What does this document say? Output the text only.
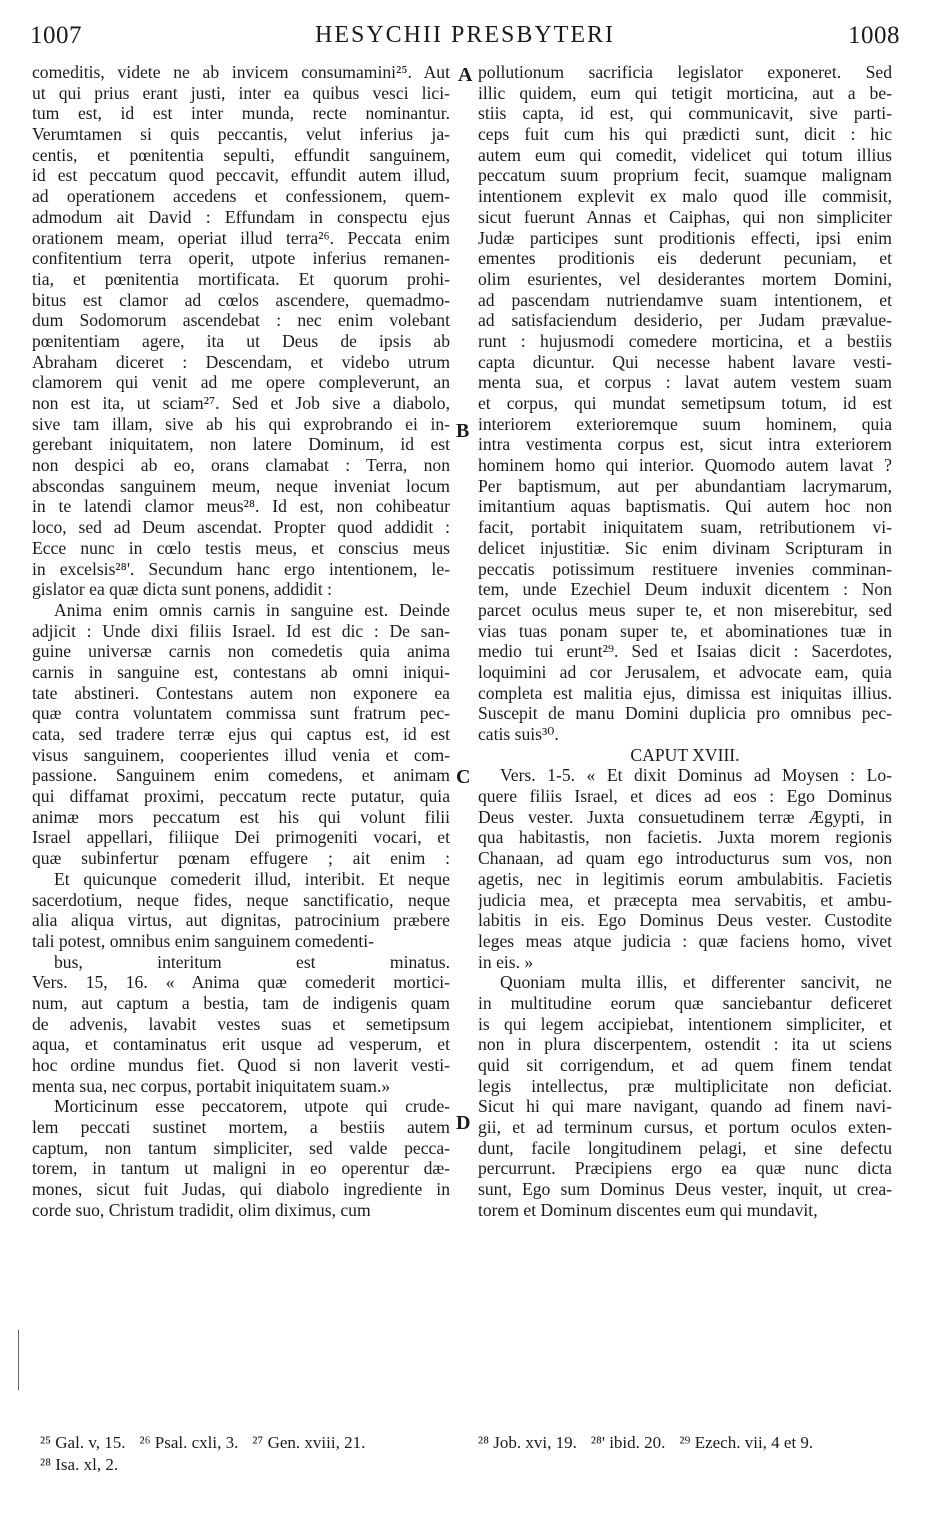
1007	HESYCHII PRESBYTERI	1008
comeditis, videte ne ab invicem consumamini²⁵. Aut
ut qui prius erant justi, inter ea quibus vesci lici-
tum est, id est inter munda, recte nominantur.
Verumtamen si quis peccantis, velut inferius ja-
centis, et pœnitentia sepulti, effundit sanguinem,
id est peccatum quod peccavit, effundit autem illud,
ad operationem accedens et confessionem, quem-
admodum ait David : Effundam in conspectu ejus
orationem meam, operiat illud terra²⁶. Peccata enim
confitentium terra operit, utpote inferius remanen-
tia, et pœnitentia mortificata. Et quorum prohi-
bitus est clamor ad cœlos ascendere, quemadmo-
dum Sodomorum ascendebat : nec enim volebant
pœnitentiam agere, ita ut Deus de ipsis ab
Abraham diceret : Descendam, et videbo utrum
clamorem qui venit ad me opere compleverunt, an
non est ita, ut sciam²⁷. Sed et Job sive a diabolo,
sive tam illam, sive ab his qui exprobrando ei in-
gerebant iniquitatem, non latere Dominum, id est
non despici ab eo, orans clamabat : Terra, non
abscondas sanguinem meum, neque inveniat locum
in te latendi clamor meus²⁸. Id est, non cohibeatur
loco, sed ad Deum ascendat. Propter quod addidit :
Ecce nunc in cœlo testis meus, et conscius meus
in excelsis²⁸'. Secundum hanc ergo intentionem, le-
gislator ea quæ dicta sunt ponens, addidit :
Anima enim omnis carnis in sanguine est. Deinde
adjicit : Unde dixi filiis Israel. Id est dic : De san-
guine universæ carnis non comedetis quia anima
carnis in sanguine est, contestans ab omni iniqui-
tate abstineri. Contestans autem non exponere ea
quæ contra voluntatem commissa sunt fratrum pec-
cata, sed tradere terræ ejus qui captus est, id est
visus sanguinem, cooperientes illud venia et com-
passione. Sanguinem enim comedens, et animam
qui diffamat proximi, peccatum recte putatur, quia
animæ mors peccatum est his qui volunt filii
Israel appellari, filiique Dei primogeniti vocari, et
quæ subinfertur pœnam effugere ; ait enim :
Et quicunque comederit illud, interibit. Et neque
sacerdotium, neque fides, neque sanctificatio, neque
alia aliqua virtus, aut dignitas, patrocinium præbere
tali potest, omnibus enim sanguinem comedenti-
bus, interitum est minatus.
Vers. 15, 16. « Anima quæ comederit mortici-
num, aut captum a bestia, tam de indigenis quam
de advenis, lavabit vestes suas et semetipsum
aqua, et contaminatus erit usque ad vesperum, et
hoc ordine mundus fiet. Quod si non laverit vesti-
menta sua, nec corpus, portabit iniquitatem suam.»
Morticinum esse peccatorem, utpote qui crude-
lem peccati sustinet mortem, a bestiis autem
captum, non tantum simpliciter, sed valde pecca-
torem, in tantum ut maligni in eo operentur dæ-
mones, sicut fuit Judas, qui diabolo ingrediente in
corde suo, Christum tradidit, olim diximus, cum
pollutionum sacrificia legislator exponeret. Sed
illic quidem, eum qui tetigit morticina, aut a be-
stiis capta, id est, qui communicavit, sive parti-
ceps fuit cum his qui prædicti sunt, dicit : hic
autem eum qui comedit, videlicet qui totum illius
peccatum suum proprium fecit, suamque malignam
intentionem explevit ex malo quod ille commisit,
sicut fuerunt Annas et Caiphas, qui non simpliciter
Judæ participes sunt proditionis effecti, ipsi enim
ementes proditionis eis dederunt pecuniam, et
olim esurientes, vel desiderantes mortem Domini,
ad pascendam nutriendamve suam intentionem, et
ad satisfaciendum desiderio, per Judam prævalue-
runt : hujusmodi comedere morticina, et a bestiis
capta dicuntur. Qui necesse habent lavare vesti-
menta sua, et corpus : lavat autem vestem suam
et corpus, qui mundat semetipsum totum, id est
interiorem exterioremque suum hominem, quia
intra vestimenta corpus est, sicut intra exteriorem
hominem homo qui interior. Quomodo autem lavat ?
Per baptismum, aut per abundantiam lacrymarum,
imitantium aquas baptismatis. Qui autem hoc non
facit, portabit iniquitatem suam, retributionem vi-
delicet injustitiæ. Sic enim divinam Scripturam in
peccatis potissimum restituere invenies comminan-
tem, unde Ezechiel Deum induxit dicentem : Non
parcet oculus meus super te, et non miserebitur, sed
vias tuas ponam super te, et abominationes tuæ in
medio tui erunt²⁹. Sed et Isaias dicit : Sacerdotes,
loquimini ad cor Jerusalem, et advocate eam, quia
completa est malitia ejus, dimissa est iniquitas illius.
Suscepit de manu Domini duplicia pro omnibus pec-
catis suis³⁰.
CAPUT XVIII.
Vers. 1-5. « Et dixit Dominus ad Moysen : Lo-
quere filiis Israel, et dices ad eos : Ego Dominus
Deus vester. Juxta consuetudinem terræ Ægypti, in
qua habitastis, non facietis. Juxta morem regionis
Chanaan, ad quam ego introducturus sum vos, non
agetis, nec in legitimis eorum ambulabitis. Facietis
judicia mea, et præcepta mea servabitis, et ambu-
labitis in eis. Ego Dominus Deus vester. Custodite
leges meas atque judicia : quæ faciens homo, vivet
in eis. »
Quoniam multa illis, et differenter sancivit, ne
in multitudine eorum quæ sanciebantur deficeret
is qui legem accipiebat, intentionem simpliciter, et
non in plura discerpentem, ostendit : ita ut sciens
quid sit corrigendum, et ad quem finem tendat
legis intellectus, præ multiplicitate non deficiat.
Sicut hi qui mare navigant, quando ad finem navi-
gii, et ad terminum cursus, et portum oculos exten-
dunt, facile longitudinem pelagi, et sine defectu
percurrunt. Præcipiens ergo ea quæ nunc dicta
sunt, Ego sum Dominus Deus vester, inquit, ut crea-
torem et Dominum discentes eum qui mundavit,
A
B
C
D
²⁵ Gal. v, 15. ²⁶ Psal. cxli, 3. ²⁷ Gen. xviii, 21.²⁸ Isa. xl, 2.
²⁸ Job. xvi, 19. ²⁸' ibid. 20. ²⁹ Ezech. vii, 4 et 9.
